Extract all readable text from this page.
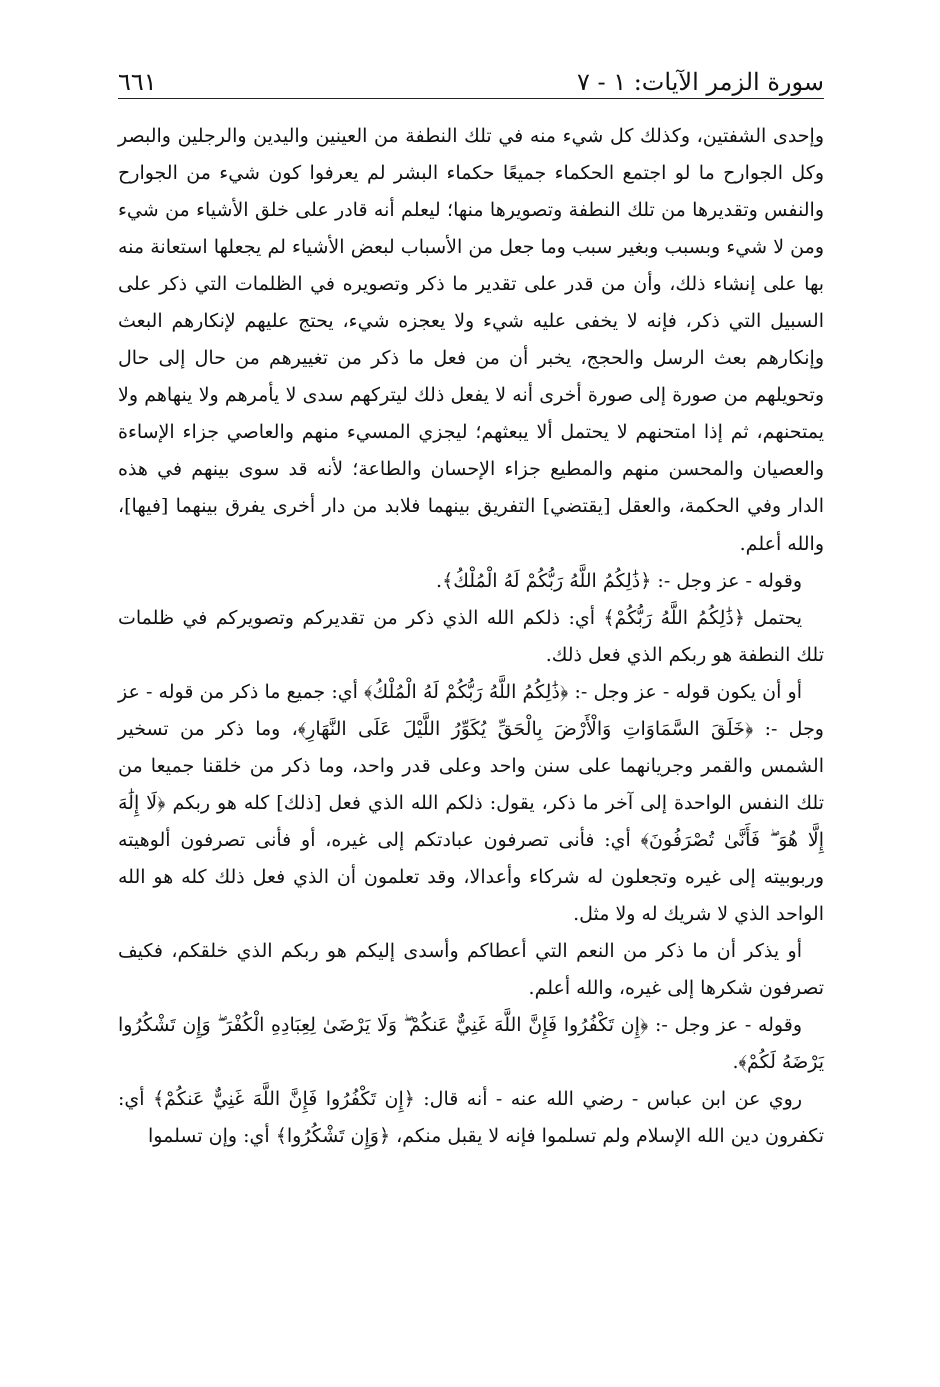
سورة الزمر الآيات: ١ - ٧
٦٦١

وإحدى الشفتين، وكذلك كل شيء منه في تلك النطفة من العينين واليدين والرجلين والبصر وكل الجوارح ما لو اجتمع الحكماء جميعًا حكماء البشر لم يعرفوا كون شيء من الجوارح والنفس وتقديرها من تلك النطفة وتصويرها منها؛ ليعلم أنه قادر على خلق الأشياء من شيء ومن لا شيء وبسبب وبغير سبب وما جعل من الأسباب لبعض الأشياء لم يجعلها استعانة منه بها على إنشاء ذلك، وأن من قدر على تقدير ما ذكر وتصويره في الظلمات التي ذكر على السبيل التي ذكر، فإنه لا يخفى عليه شيء ولا يعجزه شيء، يحتج عليهم لإنكارهم البعث وإنكارهم بعث الرسل والحجج، يخبر أن من فعل ما ذكر من تغييرهم من حال إلى حال وتحويلهم من صورة إلى صورة أخرى أنه لا يفعل ذلك ليتركهم سدى لا يأمرهم ولا ينهاهم ولا يمتحنهم، ثم إذا امتحنهم لا يحتمل ألا يبعثهم؛ ليجزي المسيء منهم والعاصي جزاء الإساءة والعصيان والمحسن منهم والمطيع جزاء الإحسان والطاعة؛ لأنه قد سوى بينهم في هذه الدار وفي الحكمة، والعقل [يقتضي] التفريق بينهما فلابد من دار أخرى يفرق بينهما [فيها]، والله أعلم.

وقوله - عز وجل -: ﴿ذَٰلِكُمُ اللَّهُ رَبُّكُمْ لَهُ الْمُلْكُ﴾.

يحتمل ﴿ذَٰلِكُمُ اللَّهُ رَبُّكُمْ﴾ أي: ذلكم الله الذي ذكر من تقديركم وتصويركم في ظلمات تلك النطفة هو ربكم الذي فعل ذلك.

أو أن يكون قوله - عز وجل -: ﴿ذَٰلِكُمُ اللَّهُ رَبُّكُمْ لَهُ الْمُلْكُ﴾ أي: جميع ما ذكر من قوله - عز وجل -: ﴿خَلَقَ السَّمَاوَاتِ وَالْأَرْضَ بِالْحَقِّ يُكَوِّرُ اللَّيْلَ عَلَى النَّهَارِ﴾، وما ذكر من تسخير الشمس والقمر وجريانهما على سنن واحد وعلى قدر واحد، وما ذكر من خلقنا جميعا من تلك النفس الواحدة إلى آخر ما ذكر، يقول: ذلكم الله الذي فعل [ذلك] كله هو ربكم ﴿لَا إِلَٰهَ إِلَّا هُوَ ۖ فَأَنَّىٰ تُصْرَفُونَ﴾ أي: فأنى تصرفون عبادتكم إلى غيره، أو فأنى تصرفون ألوهيته وربوبيته إلى غيره وتجعلون له شركاء وأعدالا، وقد تعلمون أن الذي فعل ذلك كله هو الله الواحد الذي لا شريك له ولا مثل.

أو يذكر أن ما ذكر من النعم التي أعطاكم وأسدى إليكم هو ربكم الذي خلقكم، فكيف تصرفون شكرها إلى غيره، والله أعلم.

وقوله - عز وجل -: ﴿إِن تَكْفُرُوا فَإِنَّ اللَّهَ غَنِيٌّ عَنكُمْ ۖ وَلَا يَرْضَىٰ لِعِبَادِهِ الْكُفْرَ ۖ وَإِن تَشْكُرُوا يَرْضَهُ لَكُمْ﴾.

روي عن ابن عباس - رضي الله عنه - أنه قال: ﴿إِن تَكْفُرُوا فَإِنَّ اللَّهَ غَنِيٌّ عَنكُمْ﴾ أي: تكفرون دين الله الإسلام ولم تسلموا فإنه لا يقبل منكم، ﴿وَإِن تَشْكُرُوا﴾ أي: وإن تسلموا
